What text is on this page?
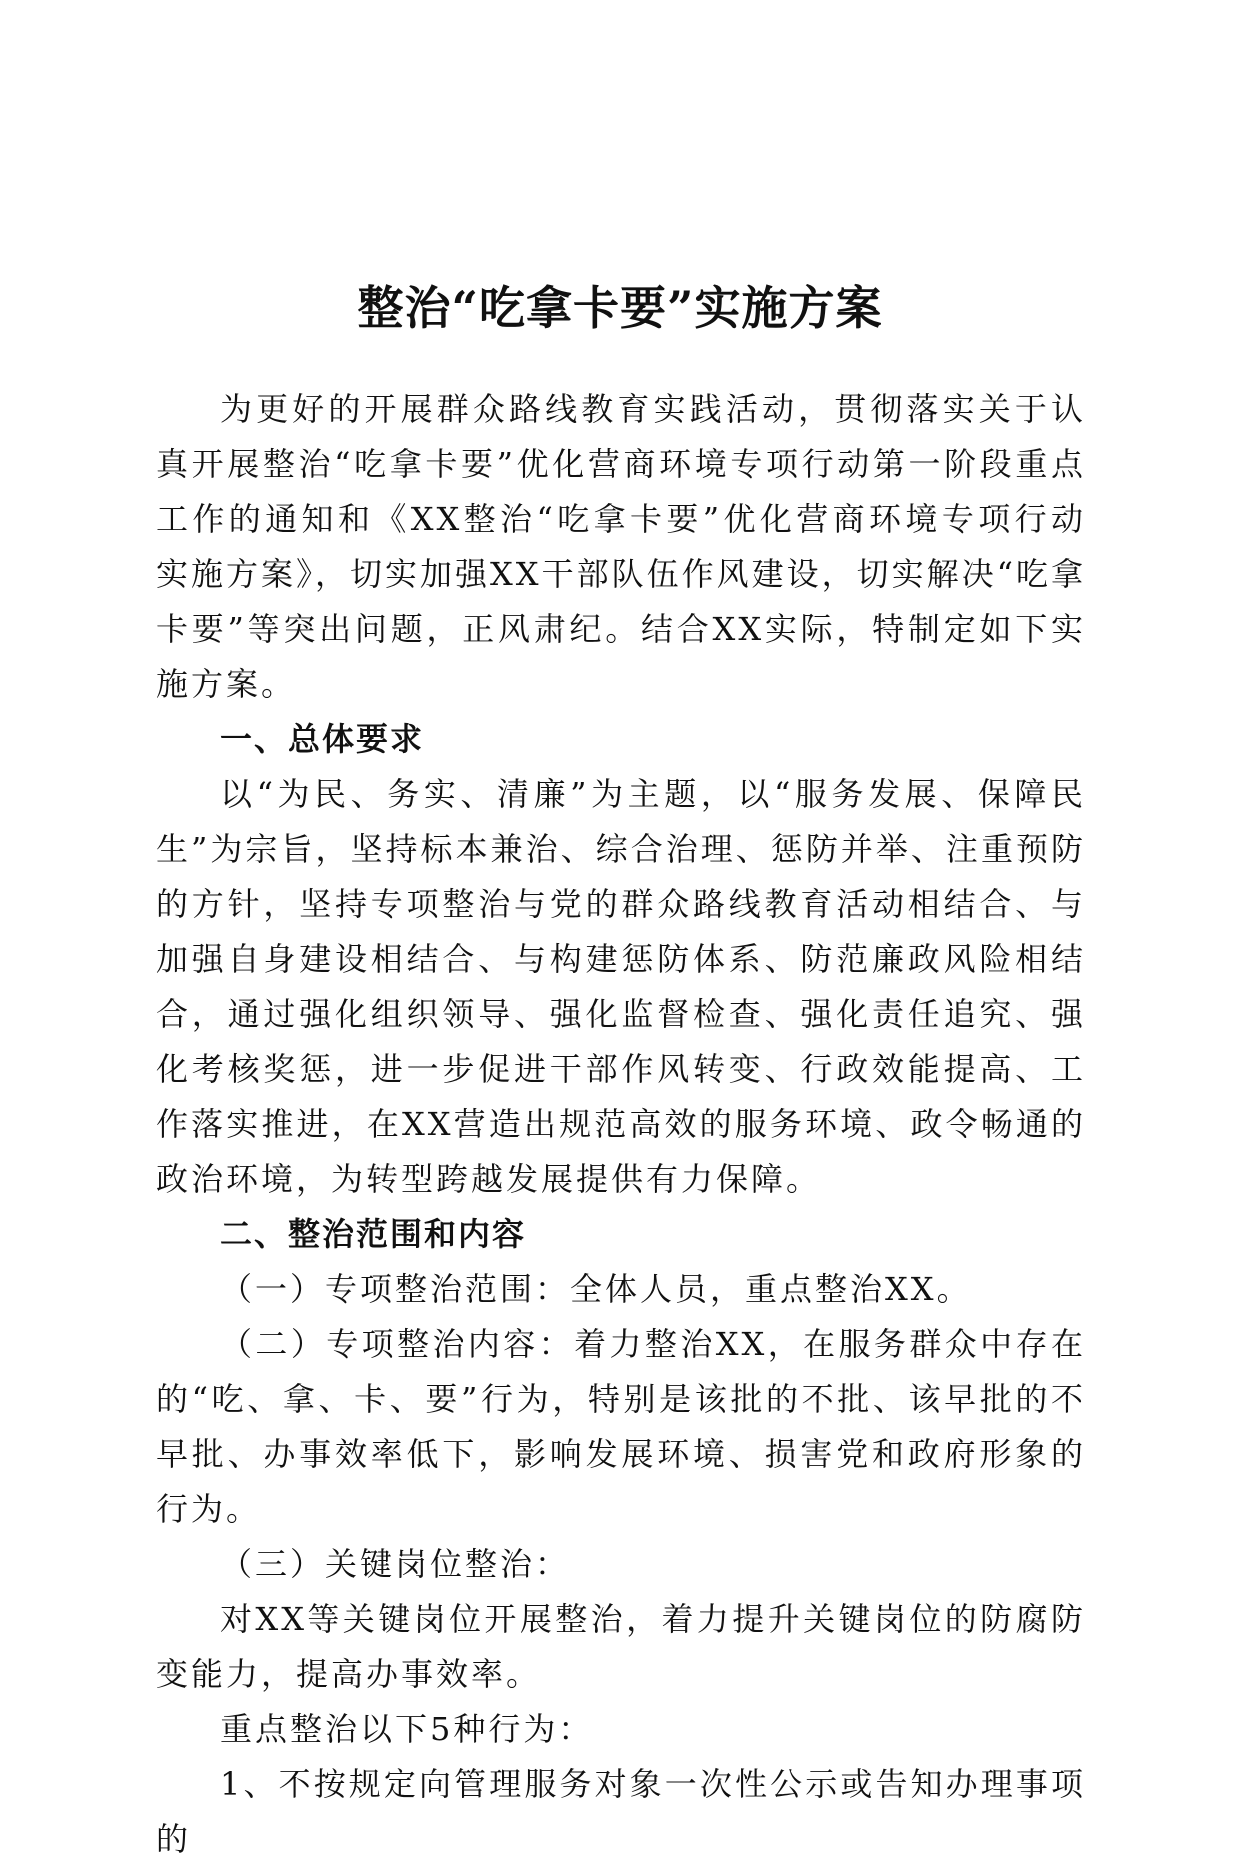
整治“吃拿卡要”实施方案

为更好的开展群众路线教育实践活动，贯彻落实关于认真开展整治“吃拿卡要”优化营商环境专项行动第一阶段重点工作的通知和《XX整治“吃拿卡要”优化营商环境专项行动实施方案》，切实加强XX干部队伍作风建设，切实解决“吃拿卡要”等突出问题，正风肃纪。结合XX实际，特制定如下实施方案。

一、总体要求

以“为民、务实、清廉”为主题，以“服务发展、保障民生”为宗旨，坚持标本兼治、综合治理、惩防并举、注重预防的方针，坚持专项整治与党的群众路线教育活动相结合、与加强自身建设相结合、与构建惩防体系、防范廉政风险相结合，通过强化组织领导、强化监督检查、强化责任追究、强化考核奖惩，进一步促进干部作风转变、行政效能提高、工作落实推进，在XX营造出规范高效的服务环境、政令畅通的政治环境，为转型跨越发展提供有力保障。

二、整治范围和内容

（一）专项整治范围：全体人员，重点整治XX。

（二）专项整治内容：着力整治XX，在服务群众中存在的“吃、拿、卡、要”行为，特别是该批的不批、该早批的不早批、办事效率低下，影响发展环境、损害党和政府形象的行为。

（三）关键岗位整治：

对XX等关键岗位开展整治，着力提升关键岗位的防腐防变能力，提高办事效率。

重点整治以下5种行为：

1、不按规定向管理服务对象一次性公示或告知办理事项的
